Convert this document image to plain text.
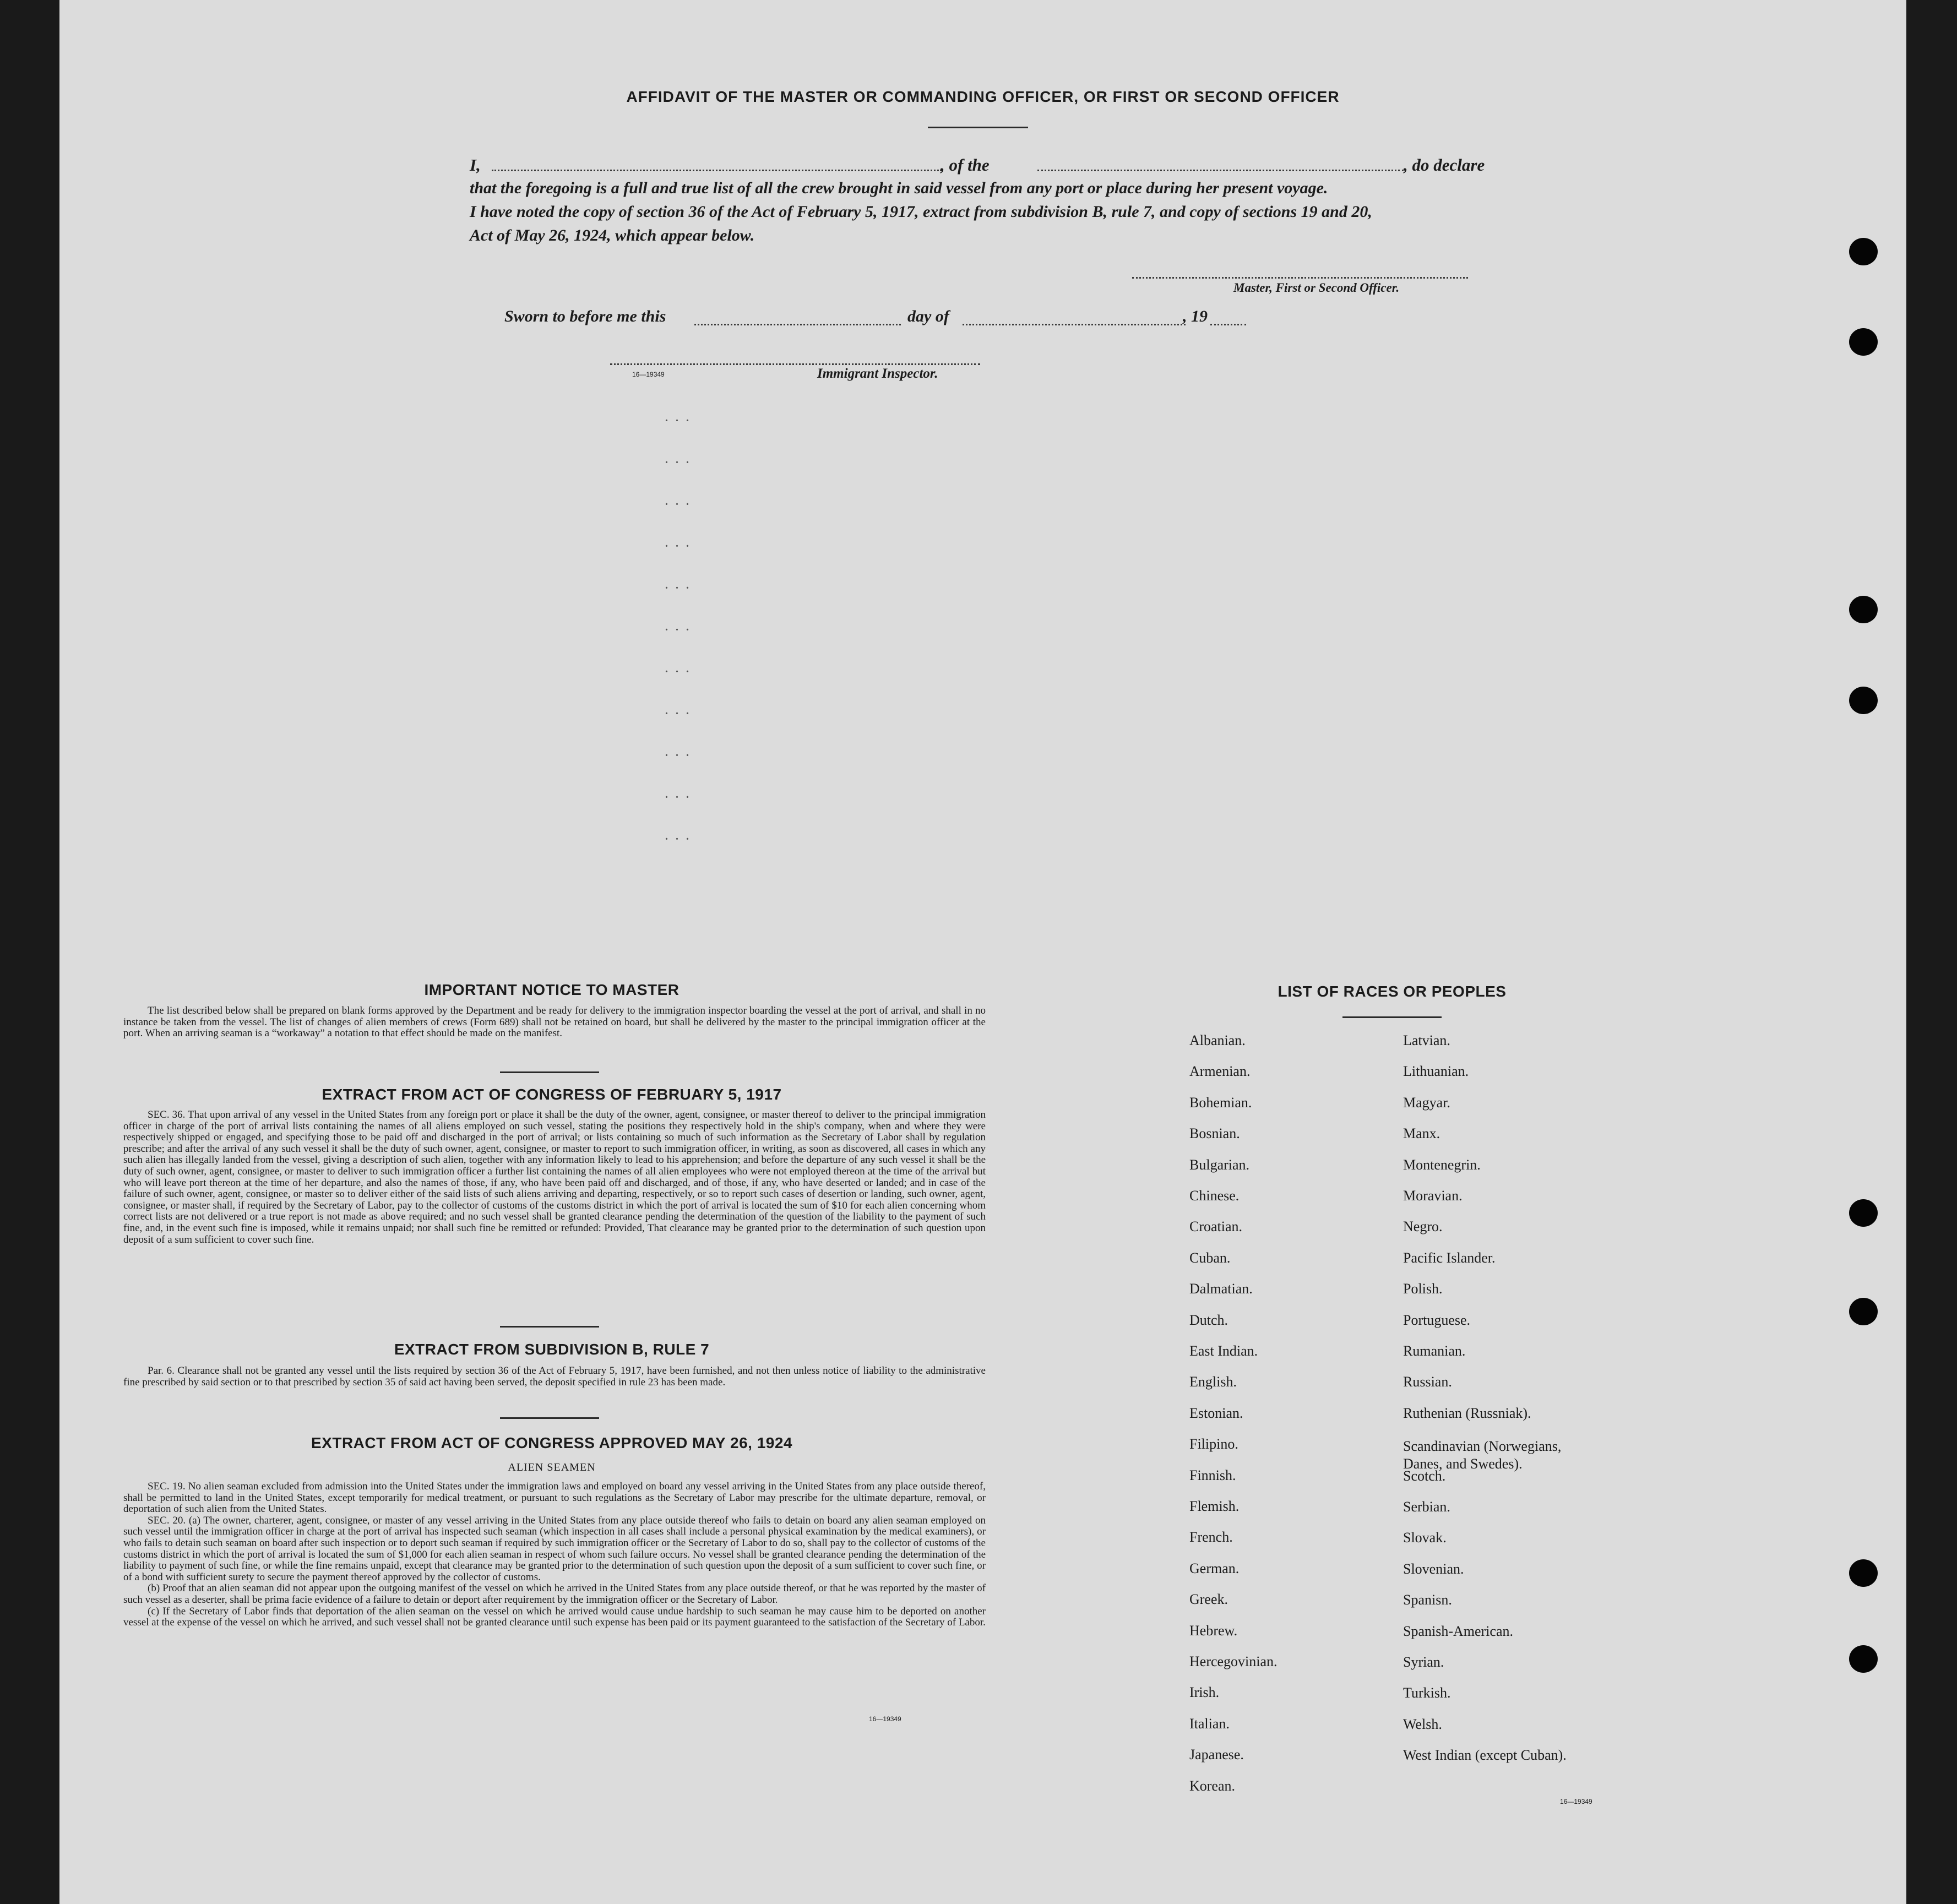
AFFIDAVIT OF THE MASTER OR COMMANDING OFFICER, OR FIRST OR SECOND OFFICER
I,	, of the	, do declare
that the foregoing is a full and true list of all the crew brought in said vessel from any port or place during her present voyage.
I have noted the copy of section 36 of the Act of February 5, 1917, extract from subdivision B, rule 7, and copy of sections 19 and 20,
Act of May 26, 1924, which appear below.
Master, First or Second Officer.
Sworn to before me this	day of	, 19
16—19349	Immigrant Inspector.
...
...
...
...
...
...
...
...
...
...
...
IMPORTANT NOTICE TO MASTER

The list described below shall be prepared on blank forms approved by the Department and be ready for delivery to the immigration inspector boarding the vessel at the port of arrival, and shall in no instance be taken from the vessel. The list of changes of alien members of crews (Form 689) shall not be retained on board, but shall be delivered by the master to the principal immigration officer at the port. When an arriving seaman is a “workaway” a notation to that effect should be made on the manifest.

EXTRACT FROM ACT OF CONGRESS OF FEBRUARY 5, 1917

SEC. 36. That upon arrival of any vessel in the United States from any foreign port or place it shall be the duty of the owner, agent, consignee, or master thereof to deliver to the principal immigration officer in charge of the port of arrival lists containing the names of all aliens employed on such vessel, stating the positions they respectively hold in the ship's company, when and where they were respectively shipped or engaged, and specifying those to be paid off and discharged in the port of arrival; or lists containing so much of such information as the Secretary of Labor shall by regulation prescribe; and after the arrival of any such vessel it shall be the duty of such owner, agent, consignee, or master to report to such immigration officer, in writing, as soon as discovered, all cases in which any such alien has illegally landed from the vessel, giving a description of such alien, together with any information likely to lead to his apprehension; and before the departure of any such vessel it shall be the duty of such owner, agent, consignee, or master to deliver to such immigration officer a further list containing the names of all alien employees who were not employed thereon at the time of the arrival but who will leave port thereon at the time of her departure, and also the names of those, if any, who have been paid off and discharged, and of those, if any, who have deserted or landed; and in case of the failure of such owner, agent, consignee, or master so to deliver either of the said lists of such aliens arriving and departing, respectively, or so to report such cases of desertion or landing, such owner, agent, consignee, or master shall, if required by the Secretary of Labor, pay to the collector of customs of the customs district in which the port of arrival is located the sum of $10 for each alien concerning whom correct lists are not delivered or a true report is not made as above required; and no such vessel shall be granted clearance pending the determination of the question of the liability to the payment of such fine, and, in the event such fine is imposed, while it remains unpaid; nor shall such fine be remitted or refunded: Provided, That clearance may be granted prior to the determination of such question upon deposit of a sum sufficient to cover such fine.

EXTRACT FROM SUBDIVISION B, RULE 7

Par. 6. Clearance shall not be granted any vessel until the lists required by section 36 of the Act of February 5, 1917, have been furnished, and not then unless notice of liability to the administrative fine prescribed by said section or to that prescribed by section 35 of said act having been served, the deposit specified in rule 23 has been made.

EXTRACT FROM ACT OF CONGRESS APPROVED MAY 26, 1924
ALIEN SEAMEN

SEC. 19. No alien seaman excluded from admission into the United States under the immigration laws and employed on board any vessel arriving in the United States from any place outside thereof, shall be permitted to land in the United States, except temporarily for medical treatment, or pursuant to such regulations as the Secretary of Labor may prescribe for the ultimate departure, removal, or deportation of such alien from the United States.

SEC. 20. (a) The owner, charterer, agent, consignee, or master of any vessel arriving in the United States from any place outside thereof who fails to detain on board any alien seaman employed on such vessel until the immigration officer in charge at the port of arrival has inspected such seaman (which inspection in all cases shall include a personal physical examination by the medical examiners), or who fails to detain such seaman on board after such inspection or to deport such seaman if required by such immigration officer or the Secretary of Labor to do so, shall pay to the collector of customs of the customs district in which the port of arrival is located the sum of $1,000 for each alien seaman in respect of whom such failure occurs. No vessel shall be granted clearance pending the determination of the liability to payment of such fine, or while the fine remains unpaid, except that clearance may be granted prior to the determination of such question upon the deposit of a sum sufficient to cover such fine, or of a bond with sufficient surety to secure the payment thereof approved by the collector of customs.

(b) Proof that an alien seaman did not appear upon the outgoing manifest of the vessel on which he arrived in the United States from any place outside thereof, or that he was reported by the master of such vessel as a deserter, shall be prima facie evidence of a failure to detain or deport after requirement by the immigration officer or the Secretary of Labor.

(c) If the Secretary of Labor finds that deportation of the alien seaman on the vessel on which he arrived would cause undue hardship to such seaman he may cause him to be deported on another vessel at the expense of the vessel on which he arrived, and such vessel shall not be granted clearance until such expense has been paid or its payment guaranteed to the satisfaction of the Secretary of Labor.

16—19349
LIST OF RACES OR PEOPLES
Albanian.
Armenian.
Bohemian.
Bosnian.
Bulgarian.
Chinese.
Croatian.
Cuban.
Dalmatian.
Dutch.
East Indian.
English.
Estonian.
Filipino.
Finnish.
Flemish.
French.
German.
Greek.
Hebrew.
Hercegovinian.
Irish.
Italian.
Japanese.
Korean.
Latvian.
Lithuanian.
Magyar.
Manx.
Montenegrin.
Moravian.
Negro.
Pacific Islander.
Polish.
Portuguese.
Rumanian.
Russian.
Ruthenian (Russniak).
Scandinavian (Norwegians,
Danes, and Swedes).
Scotch.
Serbian.
Slovak.
Slovenian.
Spanisn.
Spanish-American.
Syrian.
Turkish.
Welsh.
West Indian (except Cuban).
16—19349
